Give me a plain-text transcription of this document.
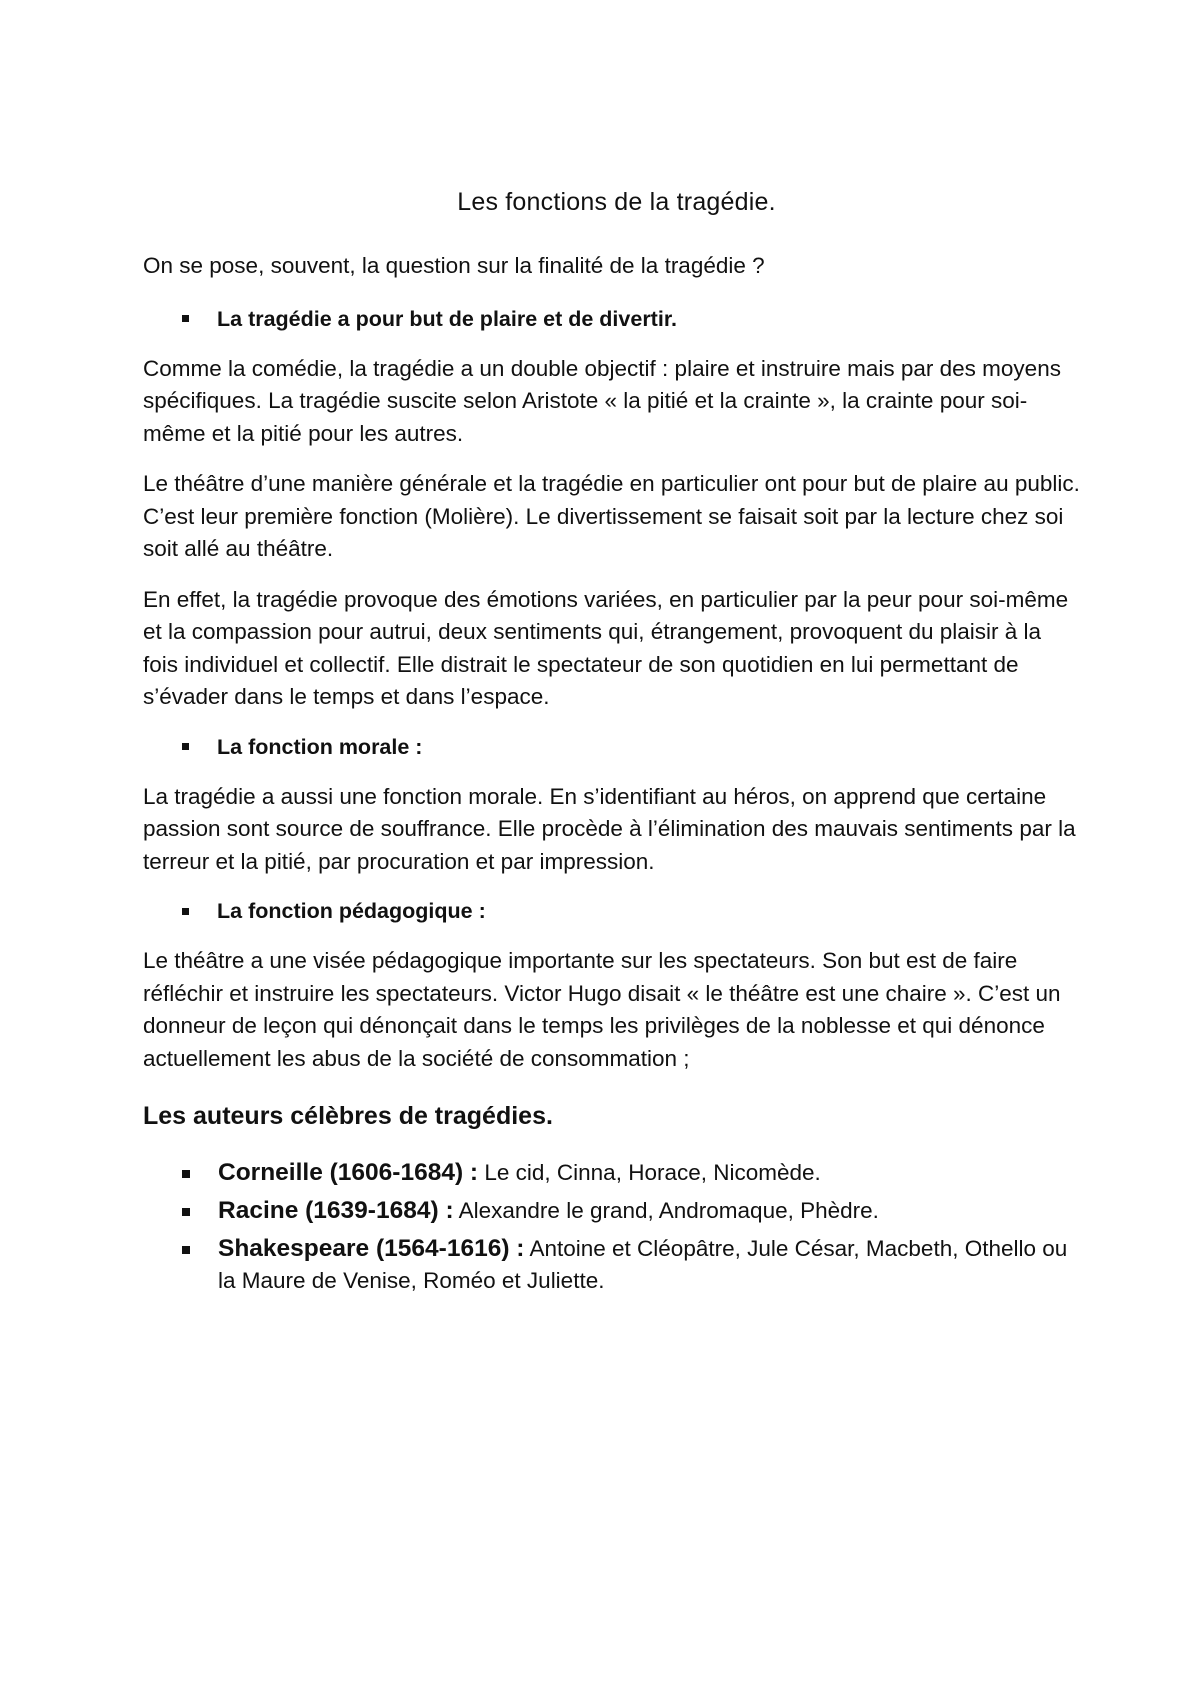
Les fonctions de la tragédie.

On se pose, souvent, la question sur la finalité de la tragédie ?

La tragédie a pour but de plaire et de divertir.

Comme la comédie, la tragédie a un double objectif : plaire et instruire mais par des moyens spécifiques. La tragédie suscite selon Aristote « la pitié et la crainte », la crainte pour soi-même et la pitié pour les autres.

Le théâtre d’une manière générale et la tragédie en particulier ont pour but de plaire au public. C’est leur première fonction (Molière). Le divertissement se faisait soit par la lecture chez soi soit allé au théâtre.

En effet, la tragédie provoque des émotions variées, en particulier par la peur pour soi-même et la compassion pour autrui, deux sentiments qui, étrangement, provoquent du plaisir à la fois individuel et collectif. Elle distrait le spectateur de son quotidien en lui permettant de s’évader dans le temps et dans l’espace.

La fonction morale :

La tragédie a aussi une fonction morale. En s’identifiant au héros, on apprend que certaine passion sont source de souffrance. Elle procède à l’élimination des mauvais sentiments par la terreur et la pitié, par procuration et par impression.

La fonction pédagogique :

Le théâtre a une visée pédagogique importante sur les spectateurs. Son but est de faire réfléchir et instruire les spectateurs. Victor Hugo disait « le théâtre est une chaire ». C’est un donneur de leçon qui dénonçait dans le temps les privilèges de la noblesse et qui dénonce actuellement les abus de la société de consommation ;

Les auteurs célèbres de tragédies.
Corneille (1606-1684) : Le cid, Cinna, Horace, Nicomède.
Racine (1639-1684) : Alexandre le grand, Andromaque, Phèdre.
Shakespeare (1564-1616) : Antoine et Cléopâtre, Jule César, Macbeth, Othello ou la Maure de Venise, Roméo et Juliette.
